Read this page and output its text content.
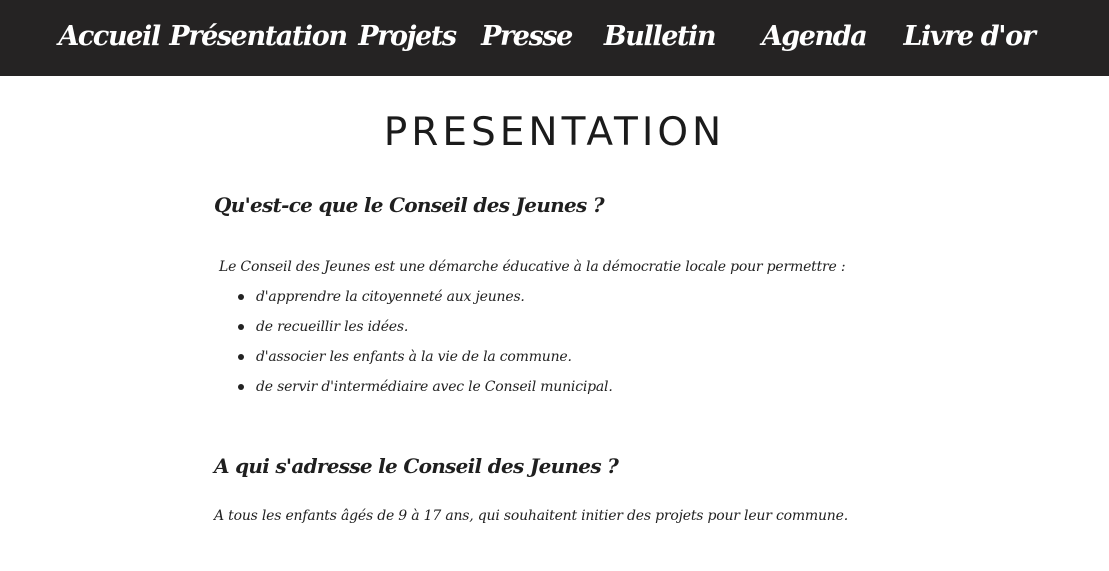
Accueil Présentation Projets Presse Bulletin Agenda Livre d'or
PRESENTATION
Qu'est-ce que le Conseil des Jeunes ?

Le Conseil des Jeunes est une démarche éducative à la démocratie locale pour permettre :

d'apprendre la citoyenneté aux jeunes.
de recueillir les idées.
d'associer les enfants à la vie de la commune.
de servir d'intermédiaire avec le Conseil municipal.
A qui s'adresse le Conseil des Jeunes ?

A tous les enfants âgés de 9 à 17 ans, qui souhaitent initier des projets pour leur commune.
